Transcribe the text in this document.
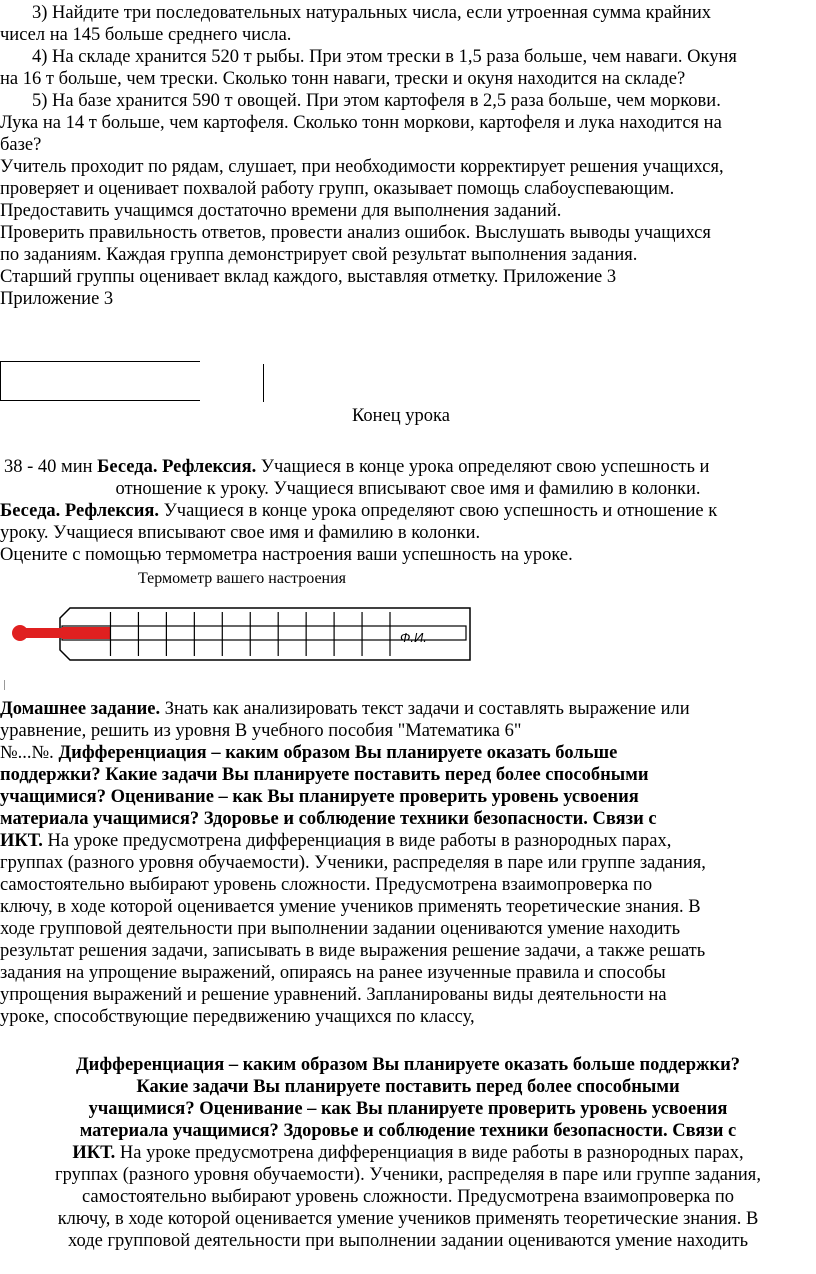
3) Найдите три последовательных натуральных числа, если утроенная сумма крайних

чисел на 145 больше среднего числа.

4) На складе хранится 520 т рыбы. При этом трески в 1,5 раза больше, чем наваги. Окуня

на 16 т больше, чем трески. Сколько тонн наваги, трески и окуня находится на складе?

5) На базе хранится 590 т овощей. При этом картофеля в 2,5 раза больше, чем моркови.

Лука на 14 т больше, чем картофеля. Сколько тонн моркови, картофеля и лука находится на

базе?

Учитель проходит по рядам, слушает, при необходимости корректирует решения учащихся,

проверяет и оценивает похвалой работу групп, оказывает помощь слабоуспевающим.

Предоставить учащимся достаточно времени для выполнения заданий.

Проверить правильность ответов, провести анализ ошибок. Выслушать выводы учащихся

по заданиям. Каждая группа демонстрирует свой результат выполнения задания.

Старший группы оценивает вклад каждого, выставляя отметку. Приложение 3

Приложение 3

Конец урока

38 - 40 мин Беседа. Рефлексия. Учащиеся в конце урока определяют свою успешность и

отношение к уроку. Учащиеся вписывают свое имя и фамилию в колонки.

Беседа. Рефлексия. Учащиеся в конце урока определяют свою успешность и отношение к

уроку. Учащиеся вписывают свое имя и фамилию в колонки.

Оцените с помощью термометра настроения ваши успешность на уроке.

Термометр вашего настроения
Ф.И.

Домашнее задание. Знать как анализировать текст задачи и составлять выражение или

уравнение, решить из уровня В учебного пособия "Математика 6"

№...№. Дифференциация – каким образом Вы планируете оказать больше

поддержки? Какие задачи Вы планируете поставить перед более способными

учащимися? Оценивание – как Вы планируете проверить уровень усвоения

материала учащимися? Здоровье и соблюдение техники безопасности. Связи с

ИКТ. На уроке предусмотрена дифференциация в виде работы в разнородных парах,

группах (разного уровня обучаемости). Ученики, распределяя в паре или группе задания,

самостоятельно выбирают уровень сложности. Предусмотрена взаимопроверка по

ключу, в ходе которой оценивается умение учеников применять теоретические знания. В

ходе групповой деятельности при выполнении задании оцениваются умение находить

результат решения задачи, записывать в виде выражения решение задачи, а также решать

задания на упрощение выражений, опираясь на ранее изученные правила и способы

упрощения выражений и решение уравнений. Запланированы виды деятельности на

уроке, способствующие передвижению учащихся по классу,

Дифференциация – каким образом Вы планируете оказать больше поддержки?

Какие задачи Вы планируете поставить перед более способными

учащимися? Оценивание – как Вы планируете проверить уровень усвоения

материала учащимися? Здоровье и соблюдение техники безопасности. Связи с

ИКТ. На уроке предусмотрена дифференциация в виде работы в разнородных парах,

группах (разного уровня обучаемости). Ученики, распределяя в паре или группе задания,

самостоятельно выбирают уровень сложности. Предусмотрена взаимопроверка по

ключу, в ходе которой оценивается умение учеников применять теоретические знания. В

ходе групповой деятельности при выполнении задании оцениваются умение находить
